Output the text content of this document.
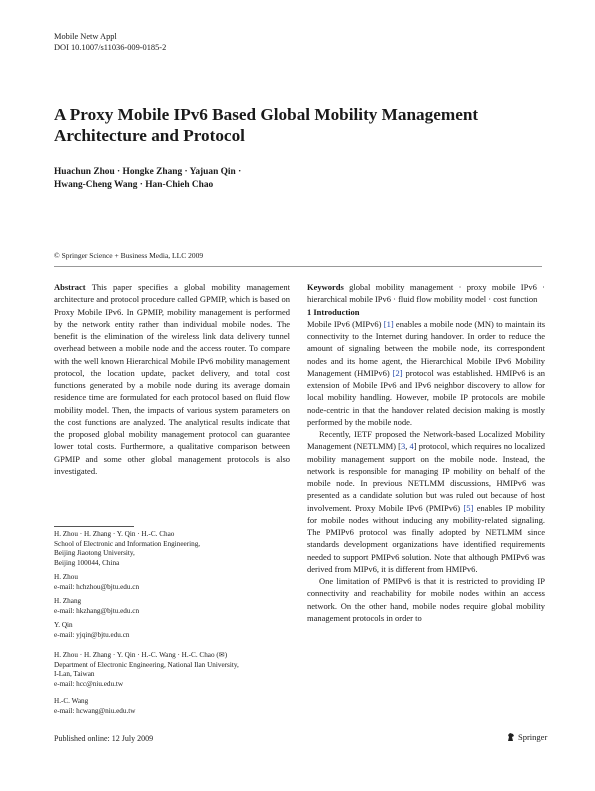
Mobile Netw Appl
DOI 10.1007/s11036-009-0185-2
A Proxy Mobile IPv6 Based Global Mobility Management
Architecture and Protocol
Huachun Zhou · Hongke Zhang · Yajuan Qin ·
Hwang-Cheng Wang · Han-Chieh Chao
© Springer Science + Business Media, LLC 2009

Abstract This paper specifies a global mobility management architecture and protocol procedure called GPMIP, which is based on Proxy Mobile IPv6. In GPMIP, mobility management is performed by the network entity rather than individual mobile nodes. The benefit is the elimination of the wireless link data delivery tunnel overhead between a mobile node and the access router. To compare with the well known Hierarchical Mobile IPv6 mobility management protocol, the location update, packet delivery, and total cost functions generated by a mobile node during its average domain residence time are formulated for each protocol based on fluid flow mobility model. Then, the impacts of various system parameters on the cost functions are analyzed. The analytical results indicate that the proposed global mobility management protocol can guarantee lower total costs. Furthermore, a qualitative comparison between GPMIP and some other global management protocols is also investigated.

H. Zhou · H. Zhang · Y. Qin · H.-C. Chao
School of Electronic and Information Engineering,
Beijing Jiaotong University,
Beijing 100044, China
H. Zhou
e-mail: hchzhou@bjtu.edu.cn
H. Zhang
e-mail: hkzhang@bjtu.edu.cn
Y. Qin
e-mail: yjqin@bjtu.edu.cn
H. Zhou · H. Zhang · Y. Qin · H.-C. Wang · H.-C. Chao (✉)
Department of Electronic Engineering, National Ilan University,
I-Lan, Taiwan
e-mail: hcc@niu.edu.tw
H.-C. Wang
e-mail: hcwang@niu.edu.tw

Keywords global mobility management · proxy mobile IPv6 · hierarchical mobile IPv6 · fluid flow mobility model · cost function

1 Introduction

Mobile IPv6 (MIPv6) [1] enables a mobile node (MN) to maintain its connectivity to the Internet during handover. In order to reduce the amount of signaling between the mobile node, its correspondent nodes and its home agent, the Hierarchical Mobile IPv6 Mobility Management (HMIPv6) [2] protocol was established. HMIPv6 is an extension of Mobile IPv6 and IPv6 neighbor discovery to allow for local mobility handling. However, mobile IP protocols are mobile node-centric in that the handover related decision making is mostly performed by the mobile node.

Recently, IETF proposed the Network-based Localized Mobility Management (NETLMM) [3, 4] protocol, which requires no localized mobility management support on the mobile node. Instead, the network is responsible for managing IP mobility on behalf of the mobile node. In previous NETLMM discussions, HMIPv6 was presented as a candidate solution but was ruled out because of host involvement. Proxy Mobile IPv6 (PMIPv6) [5] enables IP mobility for mobile nodes without inducing any mobility-related signaling. The PMIPv6 protocol was finally adopted by NETLMM since standards development organizations have identified requirements needed to support PMIPv6 solution. Note that although PMIPv6 was derived from MIPv6, it is different from HMIPv6.

One limitation of PMIPv6 is that it is restricted to providing IP connectivity and reachability for mobile nodes within an access network. On the other hand, mobile nodes require global mobility management protocols in order to

Published online: 12 July 2009	Springer
